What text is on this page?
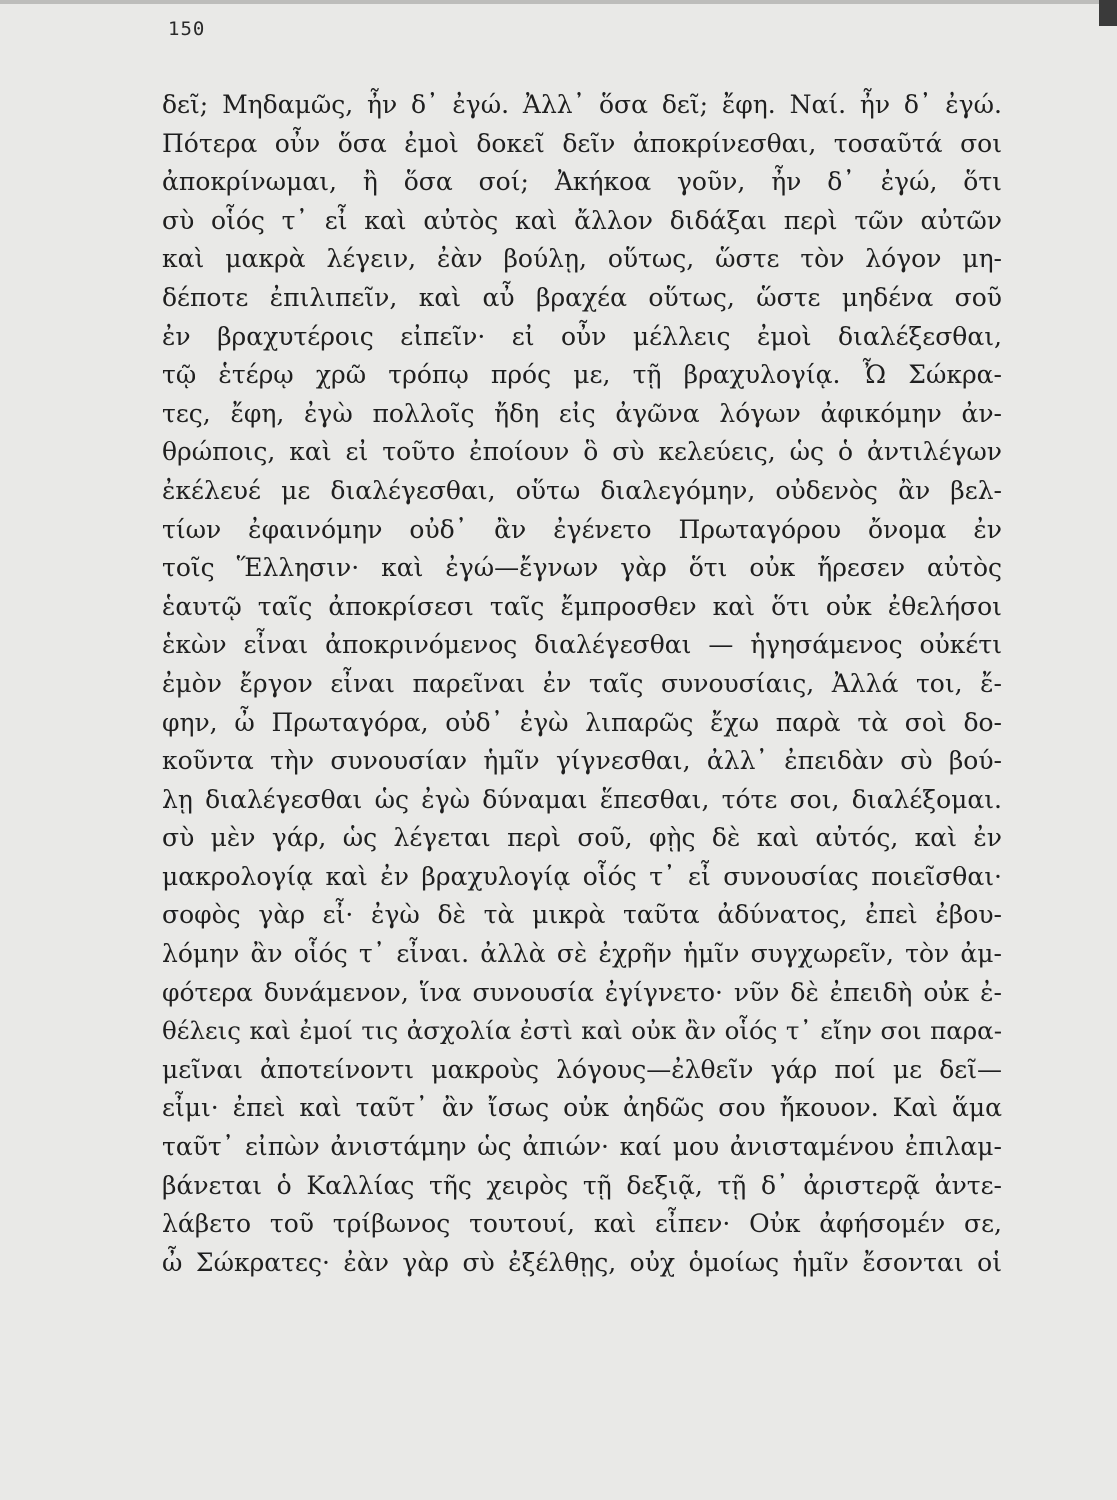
150
δεῖ; Μηδαμῶς, ἦν δ᾽ ἐγώ. Ἀλλ᾽ ὅσα δεῖ; ἔφη. Ναί. ἦν δ᾽ ἐγώ.
Πότερα οὖν ὅσα ἐμοὶ δοκεῖ δεῖν ἀποκρίνεσθαι, τοσαῦτά σοι
ἀποκρίνωμαι, ἢ ὅσα σοί; Ἀκήκοα γοῦν, ἦν δ᾽ ἐγώ, ὅτι
σὺ οἷός τ᾽ εἶ καὶ αὐτὸς καὶ ἄλλον διδάξαι περὶ τῶν αὐτῶν
καὶ μακρὰ λέγειν, ἐὰν βούλῃ, οὕτως, ὥστε τὸν λόγον μη-
δέποτε ἐπιλιπεῖν, καὶ αὖ βραχέα οὕτως, ὥστε μηδένα σοῦ
ἐν βραχυτέροις εἰπεῖν· εἰ οὖν μέλλεις ἐμοὶ διαλέξεσθαι,
τῷ ἑτέρῳ χρῶ τρόπῳ πρός με, τῇ βραχυλογίᾳ. Ὦ Σώκρα-
τες, ἔφη, ἐγὼ πολλοῖς ἤδη εἰς ἀγῶνα λόγων ἀφικόμην ἀν-
θρώποις, καὶ εἰ τοῦτο ἐποίουν ὃ σὺ κελεύεις, ὡς ὁ ἀντιλέγων
ἐκέλευέ με διαλέγεσθαι, οὕτω διαλεγόμην, οὐδενὸς ἂν βελ-
τίων ἐφαινόμην οὐδ᾽ ἂν ἐγένετο Πρωταγόρου ὄνομα ἐν
τοῖς Ἕλλησιν· καὶ ἐγώ—ἔγνων γὰρ ὅτι οὐκ ἤρεσεν αὐτὸς
ἑαυτῷ ταῖς ἀποκρίσεσι ταῖς ἔμπροσθεν καὶ ὅτι οὐκ ἐθελήσοι
ἑκὼν εἶναι ἀποκρινόμενος διαλέγεσθαι — ἡγησάμενος οὐκέτι
ἐμὸν ἔργον εἶναι παρεῖναι ἐν ταῖς συνουσίαις, Ἀλλά τοι, ἔ-
φην, ὦ Πρωταγόρα, οὐδ᾽ ἐγὼ λιπαρῶς ἔχω παρὰ τὰ σοὶ δο-
κοῦντα τὴν συνουσίαν ἡμῖν γίγνεσθαι, ἀλλ᾽ ἐπειδὰν σὺ βού-
λῃ διαλέγεσθαι ὡς ἐγὼ δύναμαι ἕπεσθαι, τότε σοι, διαλέξομαι.
σὺ μὲν γάρ, ὡς λέγεται περὶ σοῦ, φῂς δὲ καὶ αὐτός, καὶ ἐν
μακρολογίᾳ καὶ ἐν βραχυλογίᾳ οἷός τ᾽ εἶ συνουσίας ποιεῖσθαι·
σοφὸς γὰρ εἶ· ἐγὼ δὲ τὰ μικρὰ ταῦτα ἀδύνατος, ἐπεὶ ἐβου-
λόμην ἂν οἷός τ᾽ εἶναι. ἀλλὰ σὲ ἐχρῆν ἡμῖν συγχωρεῖν, τὸν ἀμ-
φότερα δυνάμενον, ἵνα συνουσία ἐγίγνετο· νῦν δὲ ἐπειδὴ οὐκ ἐ-
θέλεις καὶ ἐμοί τις ἀσχολία ἐστὶ καὶ οὐκ ἂν οἷός τ᾽ εἴην σοι παρα-
μεῖναι ἀποτείνοντι μακροὺς λόγους—ἐλθεῖν γάρ ποί με δεῖ—
εἶμι· ἐπεὶ καὶ ταῦτ᾽ ἂν ἴσως οὐκ ἀηδῶς σου ἤκουον. Καὶ ἅμα
ταῦτ᾽ εἰπὼν ἀνιστάμην ὡς ἀπιών· καί μου ἀνισταμένου ἐπιλαμ-
βάνεται ὁ Καλλίας τῆς χειρὸς τῇ δεξιᾷ, τῇ δ᾽ ἀριστερᾷ ἀντε-
λάβετο τοῦ τρίβωνος τουτουί, καὶ εἶπεν· Οὐκ ἀφήσομέν σε,
ὦ Σώκρατες· ἐὰν γὰρ σὺ ἐξέλθῃς, οὐχ ὁμοίως ἡμῖν ἔσονται οἱ
